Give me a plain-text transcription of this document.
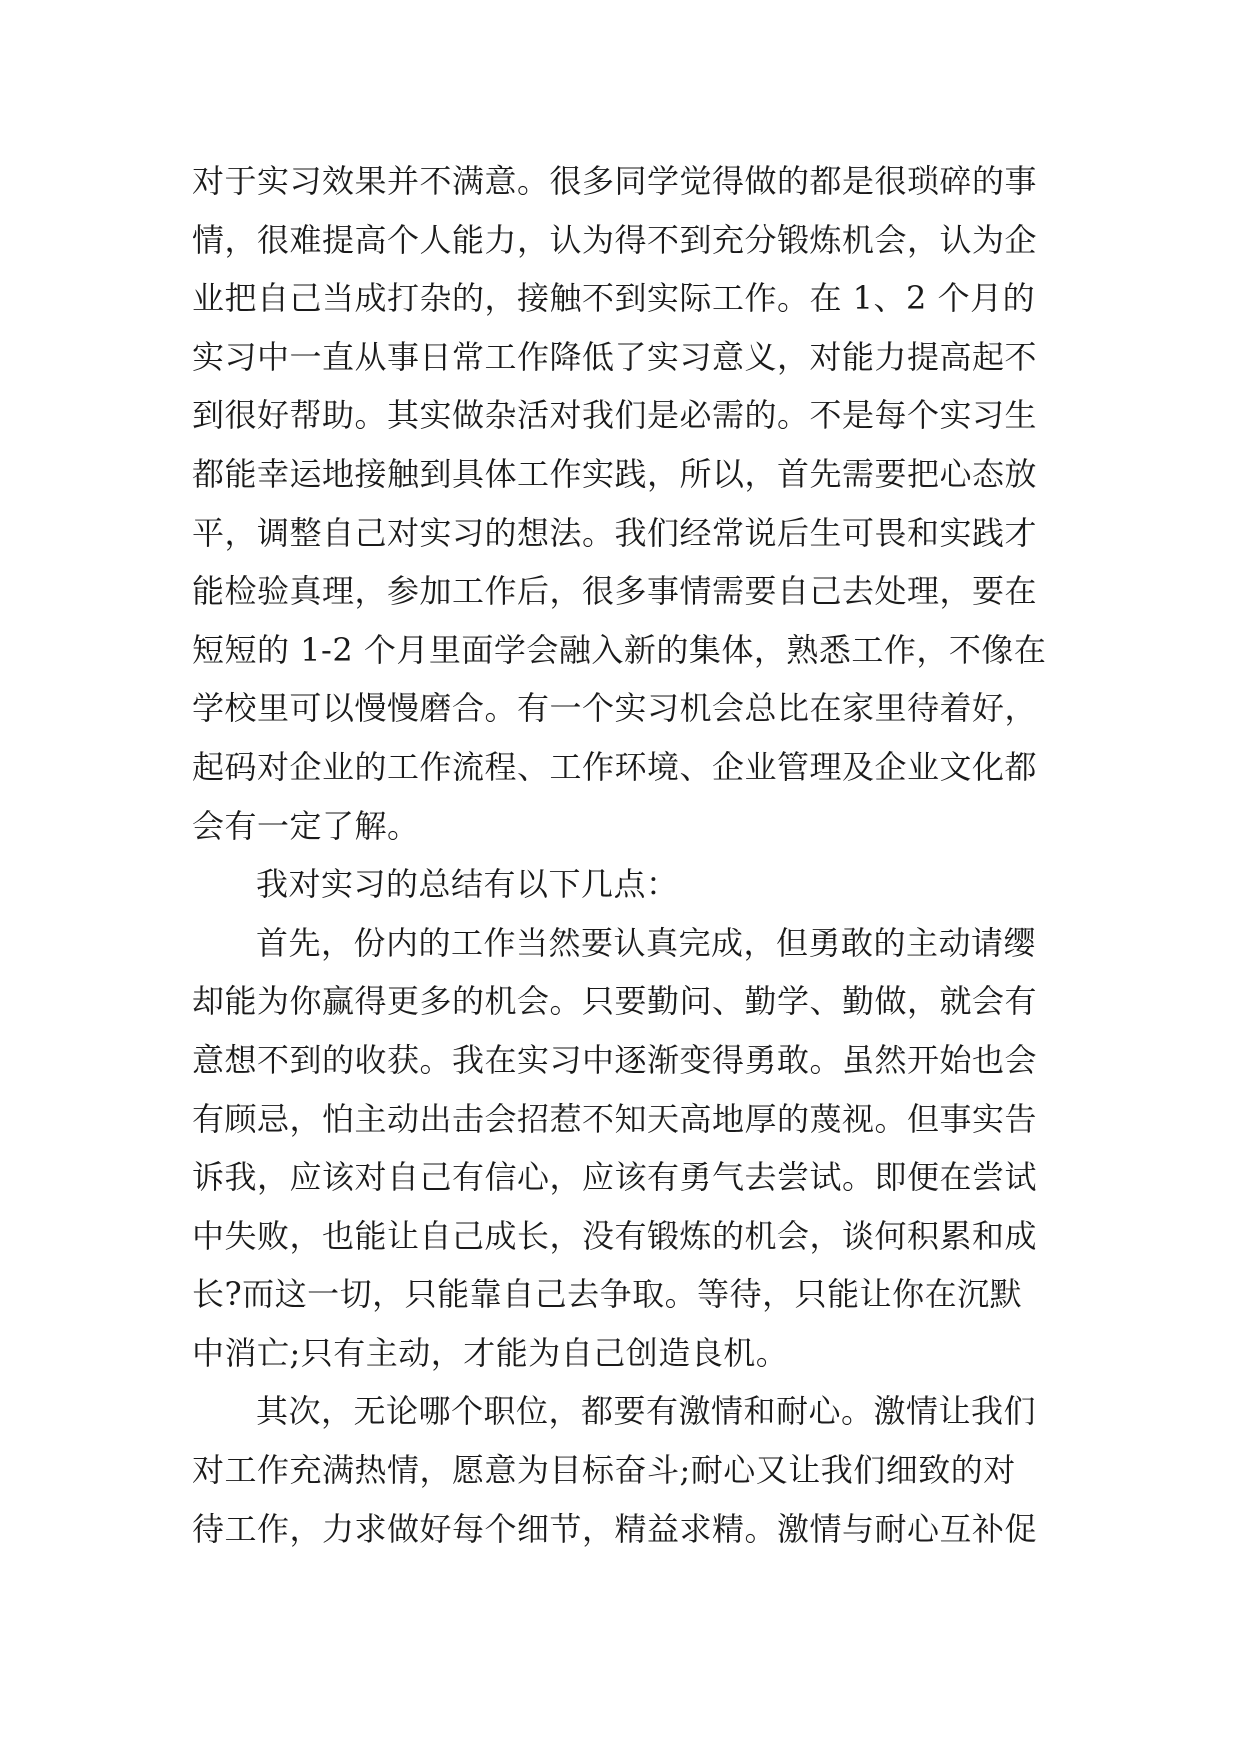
对于实习效果并不满意。很多同学觉得做的都是很琐碎的事
情，很难提高个人能力，认为得不到充分锻炼机会，认为企
业把自己当成打杂的，接触不到实际工作。在 1、2 个月的
实习中一直从事日常工作降低了实习意义，对能力提高起不
到很好帮助。其实做杂活对我们是必需的。不是每个实习生
都能幸运地接触到具体工作实践，所以，首先需要把心态放
平，调整自己对实习的想法。我们经常说后生可畏和实践才
能检验真理，参加工作后，很多事情需要自己去处理，要在
短短的 1-2 个月里面学会融入新的集体，熟悉工作，不像在
学校里可以慢慢磨合。有一个实习机会总比在家里待着好，
起码对企业的工作流程、工作环境、企业管理及企业文化都
会有一定了解。
我对实习的总结有以下几点：
首先，份内的工作当然要认真完成，但勇敢的主动请缨
却能为你赢得更多的机会。只要勤问、勤学、勤做，就会有
意想不到的收获。我在实习中逐渐变得勇敢。虽然开始也会
有顾忌，怕主动出击会招惹不知天高地厚的蔑视。但事实告
诉我，应该对自己有信心，应该有勇气去尝试。即便在尝试
中失败，也能让自己成长，没有锻炼的机会，谈何积累和成
长?而这一切，只能靠自己去争取。等待，只能让你在沉默
中消亡;只有主动，才能为自己创造良机。
其次，无论哪个职位，都要有激情和耐心。激情让我们
对工作充满热情，愿意为目标奋斗;耐心又让我们细致的对
待工作，力求做好每个细节，精益求精。激情与耐心互补促
